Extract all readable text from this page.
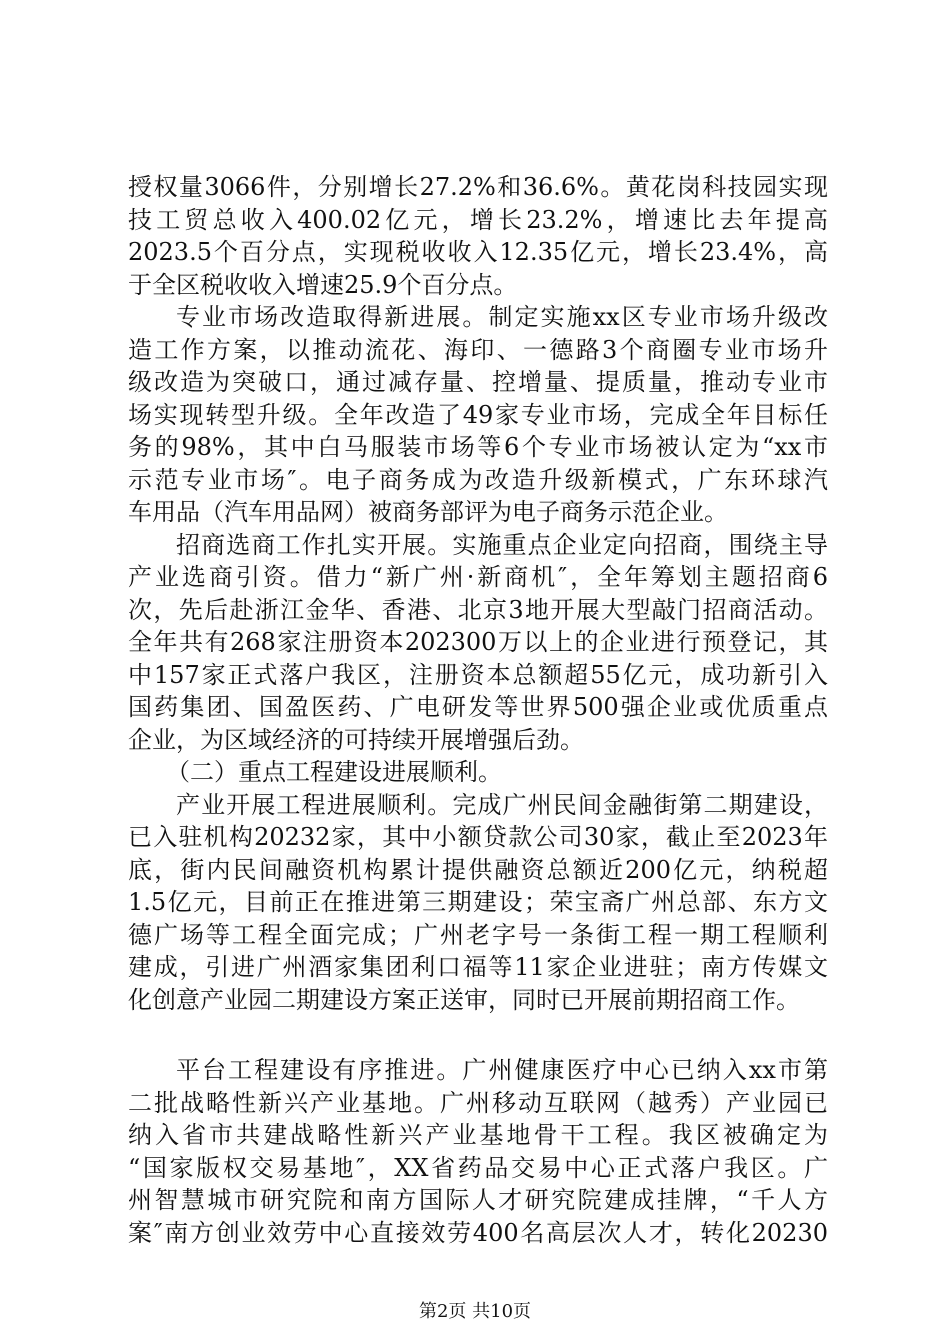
授权量3066件，分别增长27.2%和36.6%。黄花岗科技园实现
技工贸总收入400.02亿元，增长23.2%，增速比去年提高
2023.5个百分点，实现税收收入12.35亿元，增长23.4%，高
于全区税收收入增速25.9个百分点。
专业市场改造取得新进展。制定实施xx区专业市场升级改
造工作方案，以推动流花、海印、一德路3个商圈专业市场升
级改造为突破口，通过减存量、控增量、提质量，推动专业市
场实现转型升级。全年改造了49家专业市场，完成全年目标任
务的98%，其中白马服装市场等6个专业市场被认定为“xx市
示范专业市场″。电子商务成为改造升级新模式，广东环球汽
车用品（汽车用品网）被商务部评为电子商务示范企业。
招商选商工作扎实开展。实施重点企业定向招商，围绕主导
产业选商引资。借力“新广州·新商机″，全年筹划主题招商6
次，先后赴浙江金华、香港、北京3地开展大型敲门招商活动。
全年共有268家注册资本202300万以上的企业进行预登记，其
中157家正式落户我区，注册资本总额超55亿元，成功新引入
国药集团、国盈医药、广电研发等世界500强企业或优质重点
企业，为区域经济的可持续开展增强后劲。
（二）重点工程建设进展顺利。
产业开展工程进展顺利。完成广州民间金融街第二期建设，
已入驻机构20232家，其中小额贷款公司30家，截止至2023年
底，街内民间融资机构累计提供融资总额近200亿元，纳税超
1.5亿元，目前正在推进第三期建设；荣宝斋广州总部、东方文
德广场等工程全面完成；广州老字号一条街工程一期工程顺利
建成，引进广州酒家集团利口福等11家企业进驻；南方传媒文
化创意产业园二期建设方案正送审，同时已开展前期招商工作。
平台工程建设有序推进。广州健康医疗中心已纳入xx市第
二批战略性新兴产业基地。广州移动互联网（越秀）产业园已
纳入省市共建战略性新兴产业基地骨干工程。我区被确定为
“国家版权交易基地″，XX省药品交易中心正式落户我区。广
州智慧城市研究院和南方国际人才研究院建成挂牌，“千人方
案″南方创业效劳中心直接效劳400名高层次人才，转化20230
第2页 共10页
